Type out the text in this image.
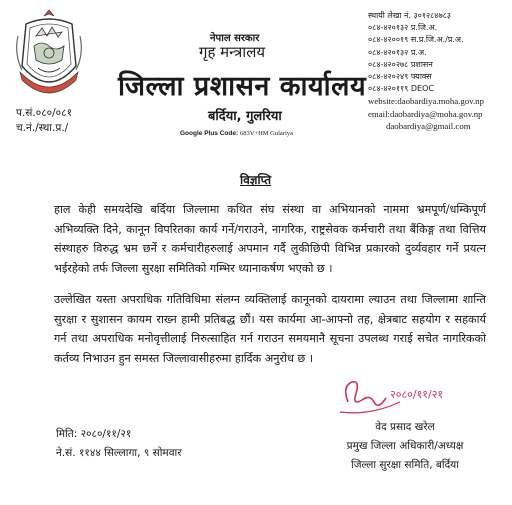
प.सं.०८०/०८१
च.नं./स्था.प्र./
नेपाल सरकार
गृह मन्त्रालय
जिल्ला प्रशासन कार्यालय
बर्दिया, गुलरिया
Google Plus Code: 683V+HM Gulariya
स्थायी लेखा नं. ३०१२८४७८३
०८४-४२०१३२ प्र.जि.अ.
०८४-४२००१९ स.प्र.जि.अ./प्र.अ.
०८४-४२०१३२ प्र.अ.
०८४-४२०२७८ प्रशासन
०८४-४२०२४९ फ्याक्स
०८४-४२०११९ DEOC
website:daobardiya.moha.gov.np
email:daobardiya@moha.gov.np
daobardiya@gmail.com
विज्ञप्ति
हाल केही समयदेखि बर्दिया जिल्लामा कथित संघ संस्था वा अभियानको नाममा भ्रमपूर्ण/धम्किपूर्ण अभिव्यक्ति दिने, कानून विपरितका कार्य गर्ने/गराउने, नागरिक, राष्ट्रसेवक कर्मचारी तथा बैंकिङ्ग तथा वित्तिय संस्थाहरु विरुद्ध भ्रम छर्ने र कर्मचारीहरुलाई अपमान गर्दै लुकीछिपी विभिन्न प्रकारको दुर्व्यवहार गर्ने प्रयत्न भईरहेको तर्फ जिल्ला सुरक्षा समितिको गम्भिर ध्यानाकर्षण भएको छ ।
उल्लेखित यस्ता अपराधिक गतिविधिमा संलग्न व्यक्तिलाई कानूनको दायरामा ल्याउन तथा जिल्लामा शान्ति सुरक्षा र सुशासन कायम राख्न हामी प्रतिबद्ध छौं। यस कार्यमा आ-आफ्नो तह, क्षेत्रबाट सहयोग र सहकार्य गर्न तथा अपराधिक मनोवृत्तीलाई निरुत्साहित गर्न गराउन समयमानै सूचना उपलब्ध गराई सचेत नागरिकको कर्तव्य निभाउन हुन समस्त जिल्लावासीहरुमा हार्दिक अनुरोध छ ।
२०८०/११/२१
मिति: २०८०/११/२१
ने.सं. ११४४ सिल्लागा, ९ सोमवार
वेद प्रसाद खरेल
प्रमुख जिल्ला अधिकारी/अध्यक्ष
जिल्ला सुरक्षा समिति, बर्दिया
